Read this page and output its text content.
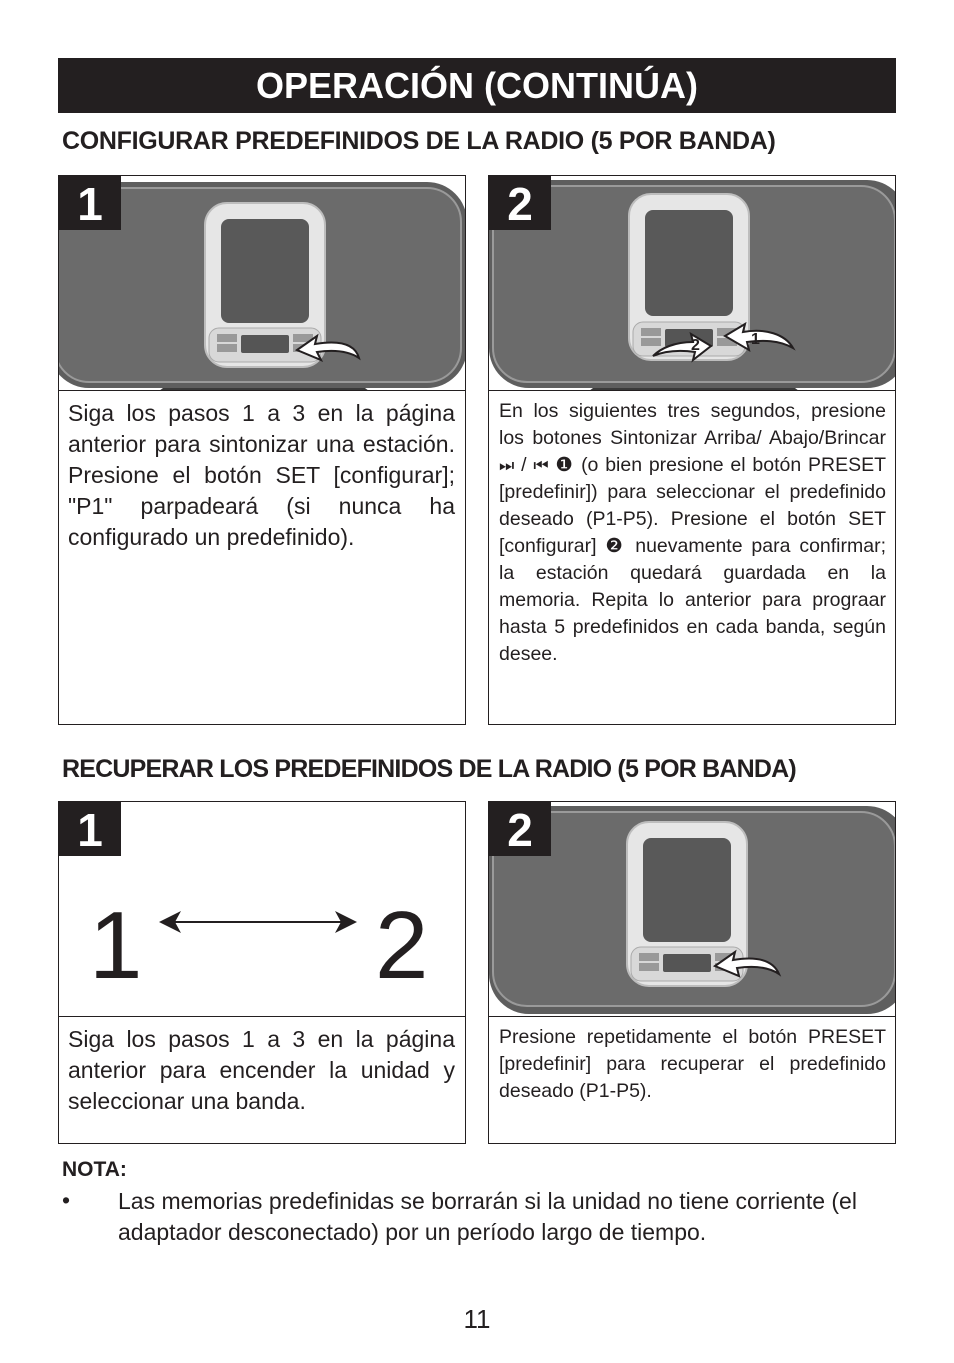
OPERACIÓN (CONTINÚA)
CONFIGURAR PREDEFINIDOS DE LA RADIO (5 POR BANDA)
1
Siga los pasos 1 a 3 en la página anterior para sintonizar una estación. Presione el botón SET [configurar]; "P1" parpadeará (si nunca ha configurado un predefinido).
1
2
2
En los siguientes tres segundos, presione los botones Sintonizar Arriba/ Abajo/Brincar ⏭ / ⏮ ❶ (o bien presione el botón PRESET [predefinir]) para seleccionar el predefinido deseado (P1-P5). Presione el botón SET [configurar] ❷ nuevamente para confirmar; la estación quedará guardada en la memoria. Repita lo anterior para prograar hasta 5 predefinidos en cada banda, según desee.
RECUPERAR LOS PREDEFINIDOS DE LA RADIO (5 POR BANDA)
1
1 2
Siga los pasos 1 a 3 en la página anterior para encender la unidad y seleccionar una banda.
2
Presione repetidamente el botón PRESET [predefinir] para recuperar el predefinido deseado (P1-P5).
NOTA:
• Las memorias predefinidas se borrarán si la unidad no tiene corriente (el adaptador desconectado) por un período largo de tiempo.
11
